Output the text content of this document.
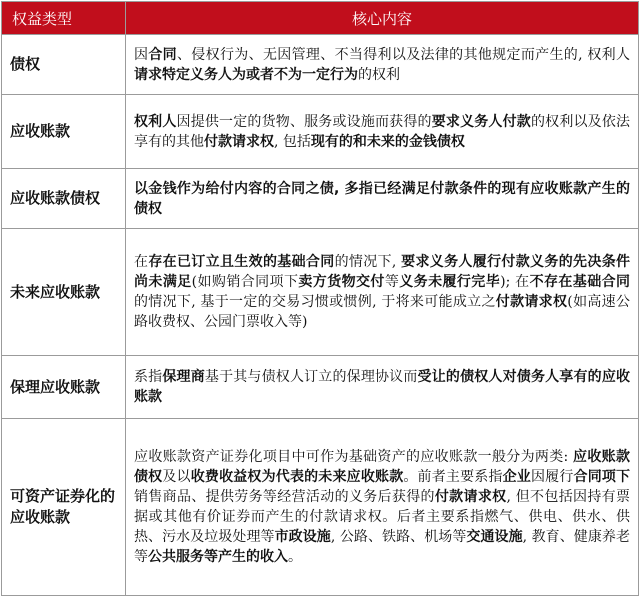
权益类型	核心内容
债权	因合同、侵权行为、无因管理、不当得利以及法律的其他规定而产生的, 权利人请求特定义务人为或者不为一定行为的权利
应收账款	权利人因提供一定的货物、服务或设施而获得的要求义务人付款的权利以及依法享有的其他付款请求权, 包括现有的和未来的金钱债权
应收账款债权	以金钱作为给付内容的合同之债, 多指已经满足付款条件的现有应收账款产生的债权
未来应收账款	在存在已订立且生效的基础合同的情况下, 要求义务人履行付款义务的先决条件尚未满足(如购销合同项下卖方货物交付等义务未履行完毕); 在不存在基础合同的情况下, 基于一定的交易习惯或惯例, 于将来可能成立之付款请求权(如高速公路收费权、公园门票收入等)
保理应收账款	系指保理商基于其与债权人订立的保理协议而受让的债权人对债务人享有的应收账款
可资产证券化的应收账款	应收账款资产证券化项目中可作为基础资产的应收账款一般分为两类: 应收账款债权及以收费收益权为代表的未来应收账款。前者主要系指企业因履行合同项下销售商品、提供劳务等经营活动的义务后获得的付款请求权, 但不包括因持有票据或其他有价证券而产生的付款请求权。后者主要系指燃气、供电、供水、供热、污水及垃圾处理等市政设施, 公路、铁路、机场等交通设施, 教育、健康养老等公共服务等产生的收入。
